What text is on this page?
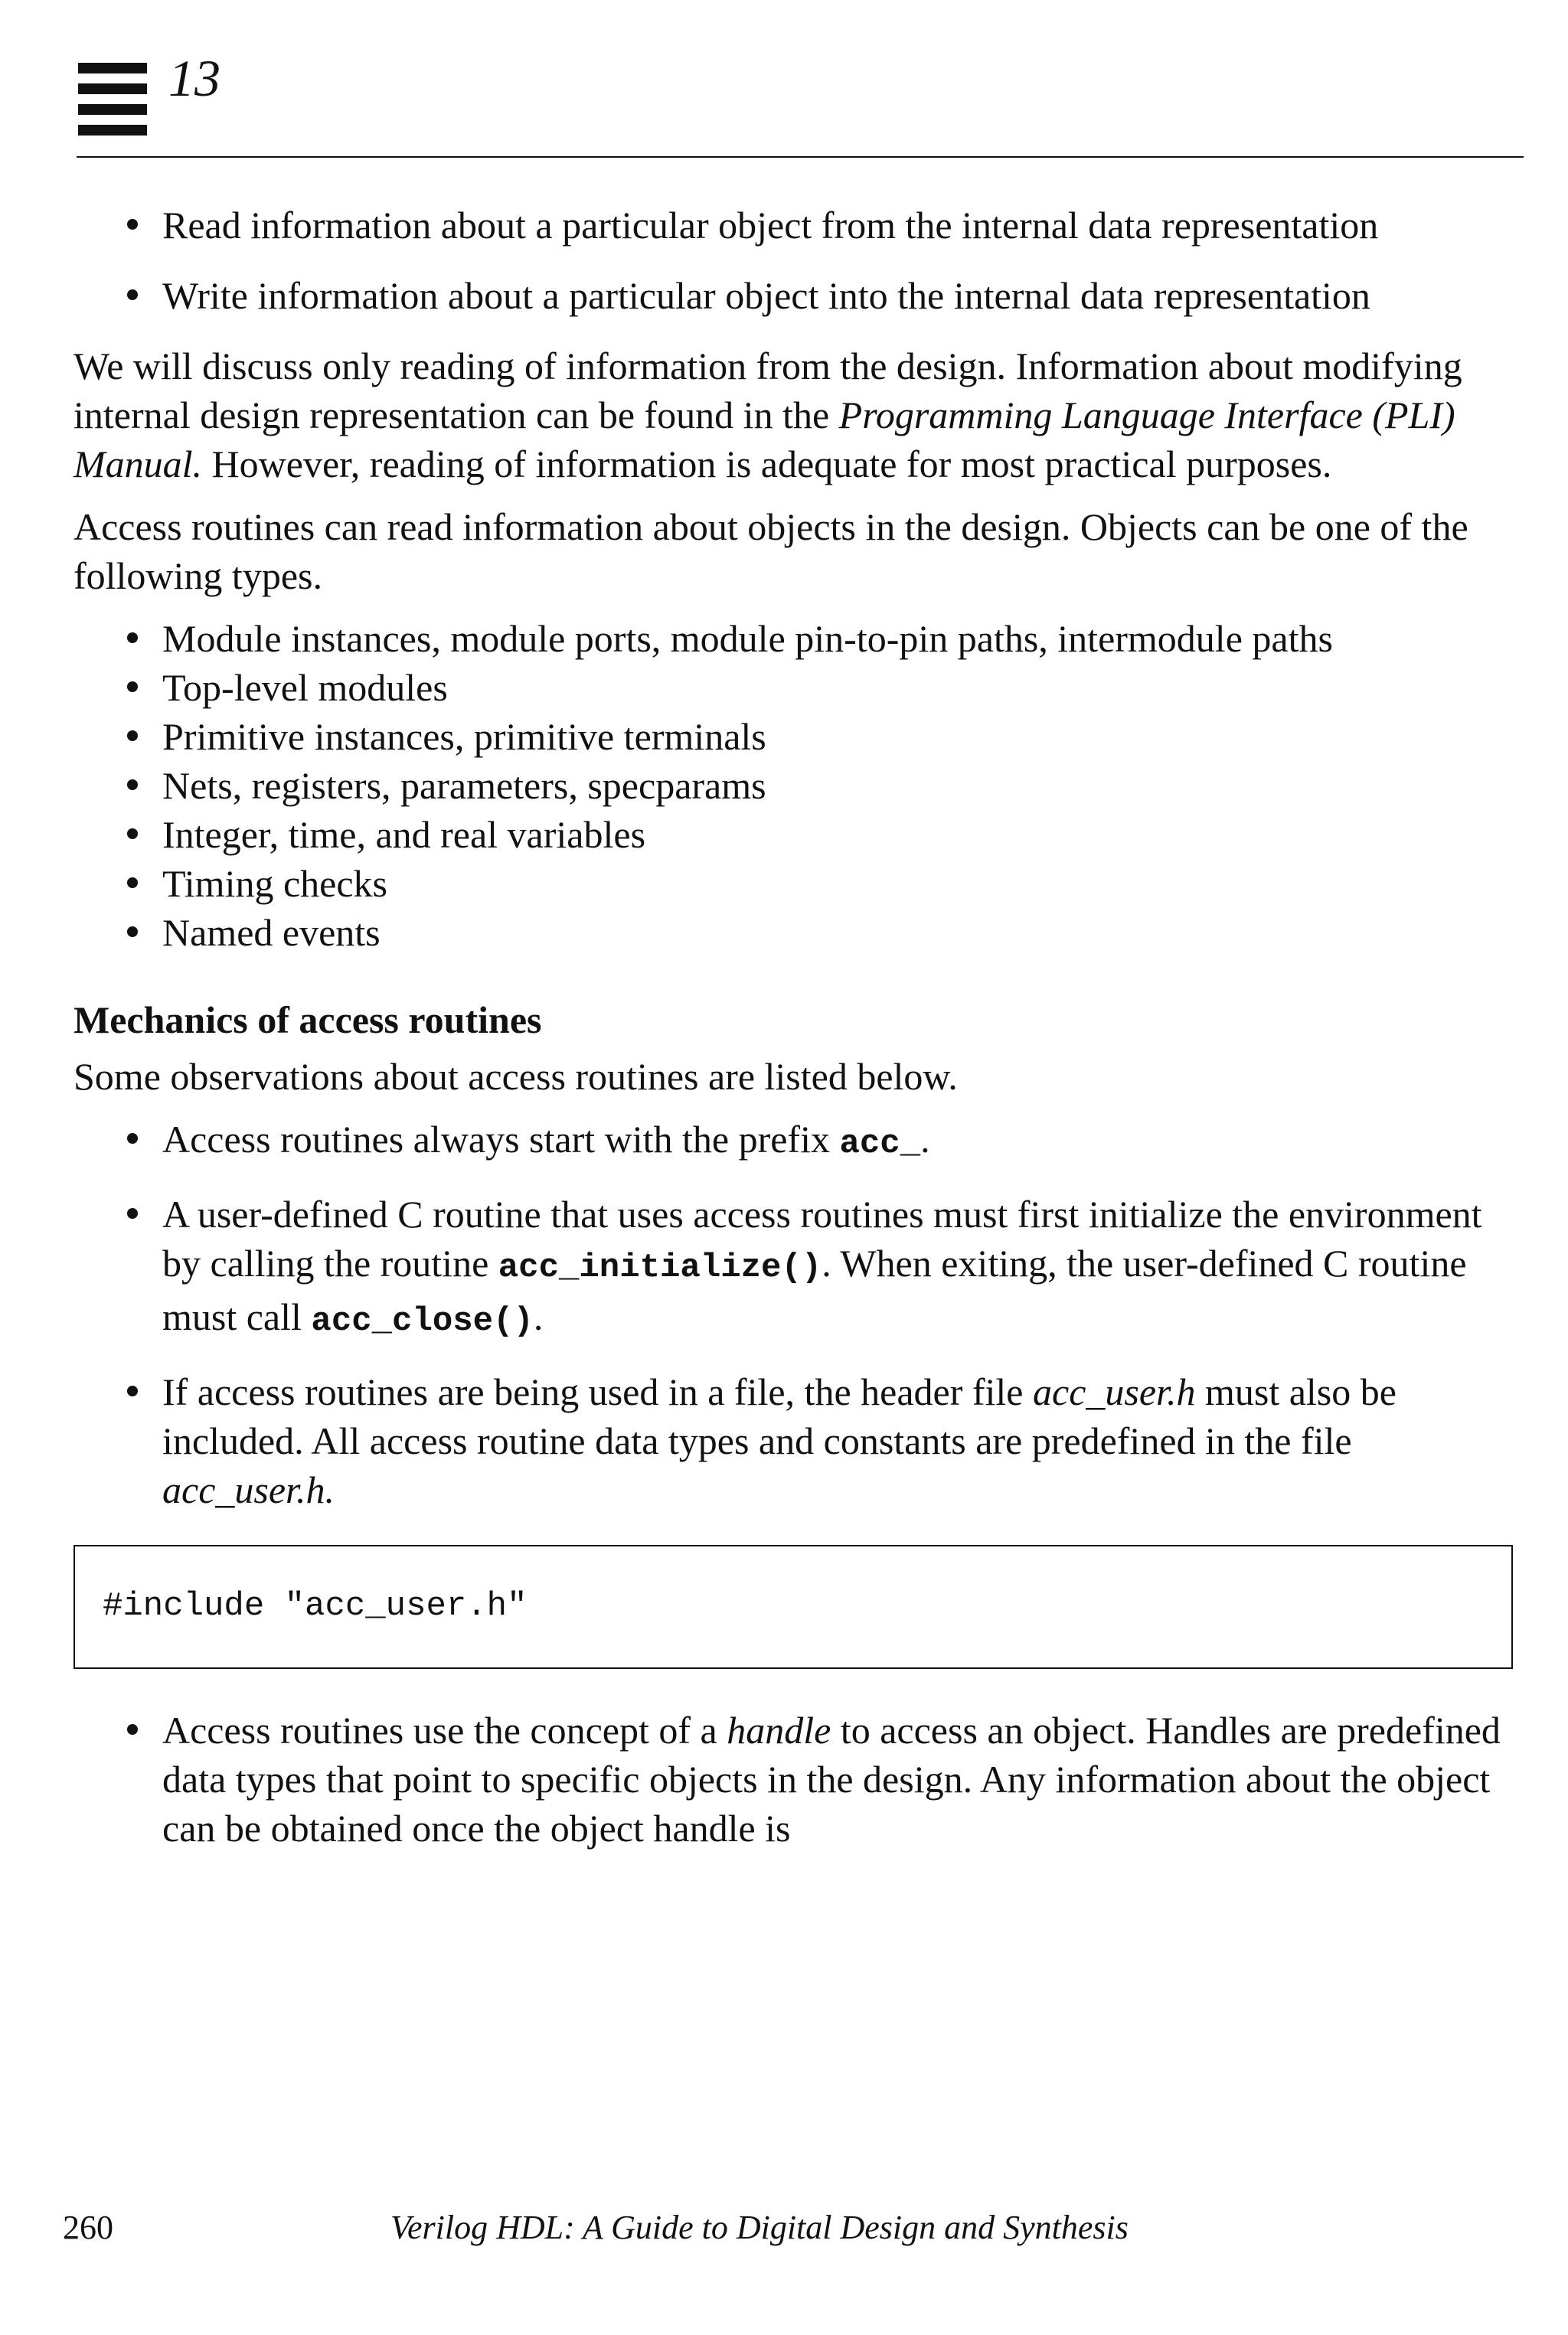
13
Read information about a particular object from the internal data representation
Write information about a particular object into the internal data representation

We will discuss only reading of information from the design. Information about modifying internal design representation can be found in the Programming Language Interface (PLI) Manual. However, reading of information is adequate for most practical purposes.

Access routines can read information about objects in the design. Objects can be one of the following types.

Module instances, module ports, module pin-to-pin paths, intermodule paths
Top-level modules
Primitive instances, primitive terminals
Nets, registers, parameters, specparams
Integer, time, and real variables
Timing checks
Named events
Mechanics of access routines

Some observations about access routines are listed below.

Access routines always start with the prefix acc_.
A user-defined C routine that uses access routines must first initialize the environment by calling the routine acc_initialize(). When exiting, the user-defined C routine must call acc_close().
If access routines are being used in a file, the header file acc_user.h must also be included. All access routine data types and constants are predefined in the file acc_user.h.
#include "acc_user.h"
Access routines use the concept of a handle to access an object. Handles are predefined data types that point to specific objects in the design. Any information about the object can be obtained once the object handle is
260	Verilog HDL: A Guide to Digital Design and Synthesis
